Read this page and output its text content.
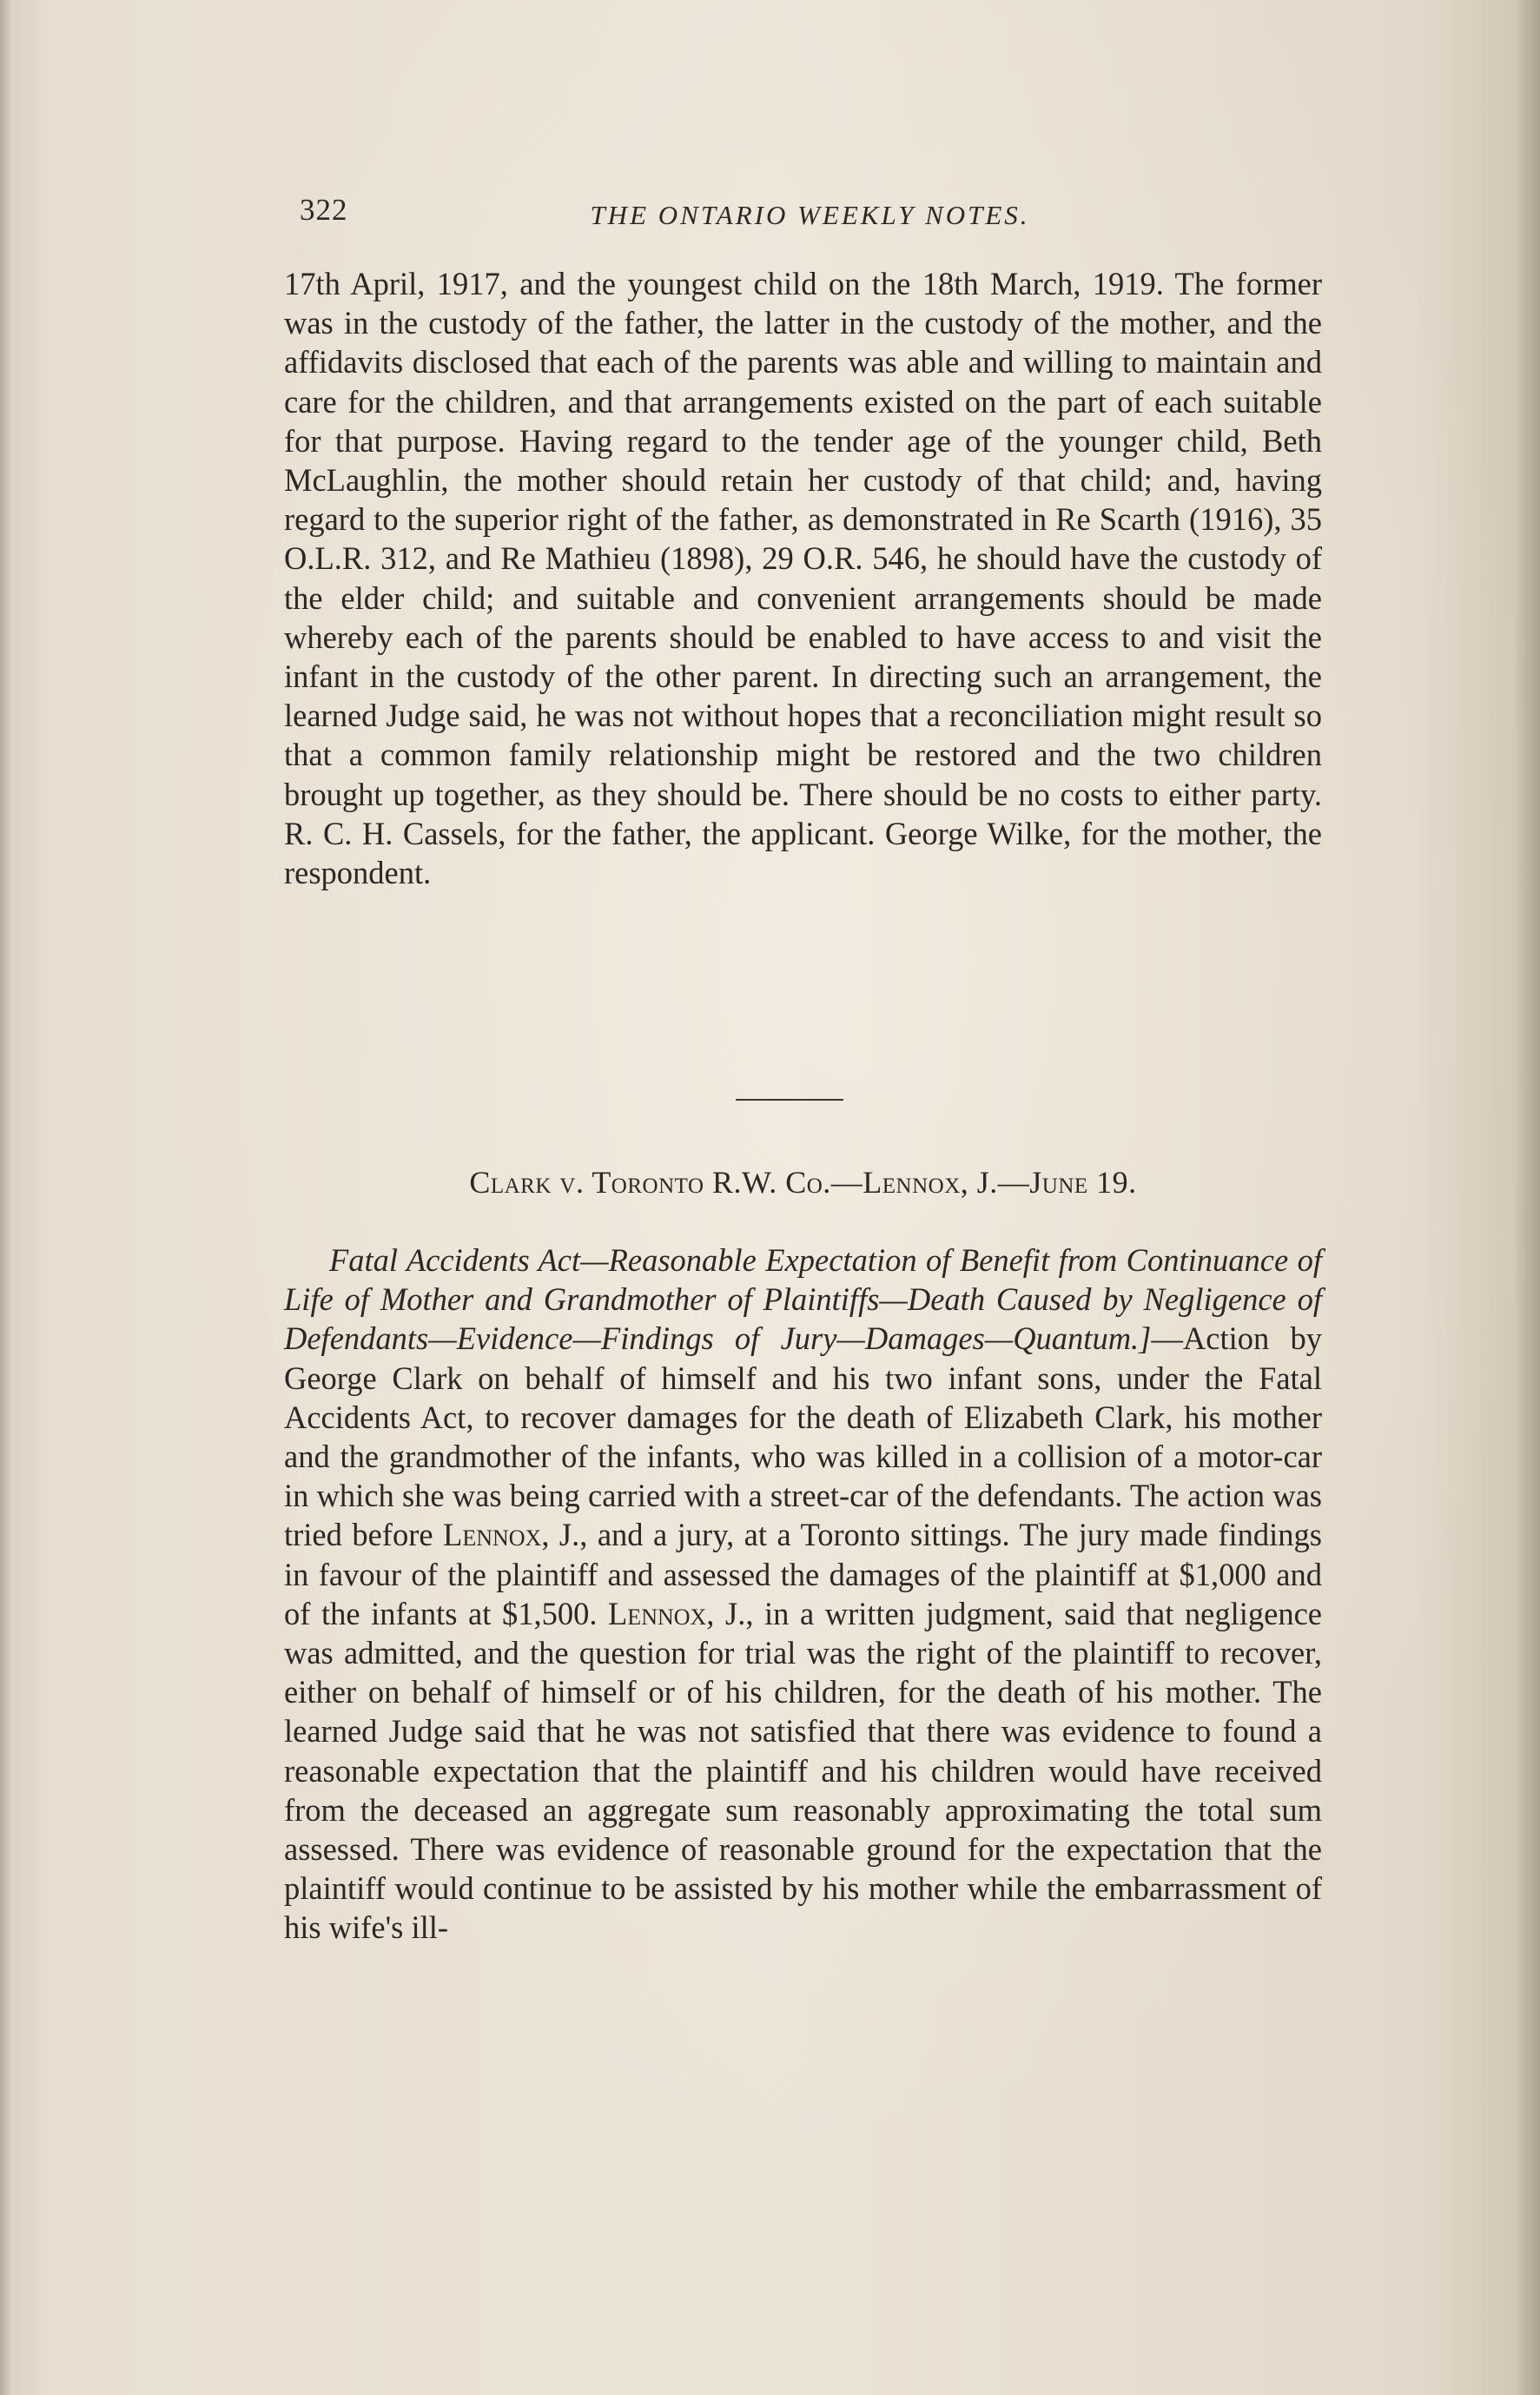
322	THE ONTARIO WEEKLY NOTES.

17th April, 1917, and the youngest child on the 18th March, 1919. The former was in the custody of the father, the latter in the custody of the mother, and the affidavits disclosed that each of the parents was able and willing to maintain and care for the children, and that arrangements existed on the part of each suitable for that purpose. Having regard to the tender age of the younger child, Beth McLaughlin, the mother should retain her custody of that child; and, having regard to the superior right of the father, as demonstrated in Re Scarth (1916), 35 O.L.R. 312, and Re Mathieu (1898), 29 O.R. 546, he should have the custody of the elder child; and suitable and convenient arrangements should be made whereby each of the parents should be enabled to have access to and visit the infant in the custody of the other parent. In directing such an arrangement, the learned Judge said, he was not without hopes that a reconciliation might result so that a common family relationship might be restored and the two children brought up together, as they should be. There should be no costs to either party. R. C. H. Cassels, for the father, the applicant. George Wilke, for the mother, the respondent.

Clark v. Toronto R.W. Co.—Lennox, J.—June 19.

Fatal Accidents Act—Reasonable Expectation of Benefit from Continuance of Life of Mother and Grandmother of Plaintiffs—Death Caused by Negligence of Defendants—Evidence—Findings of Jury—Damages—Quantum.]—Action by George Clark on behalf of himself and his two infant sons, under the Fatal Accidents Act, to recover damages for the death of Elizabeth Clark, his mother and the grandmother of the infants, who was killed in a collision of a motor-car in which she was being carried with a street-car of the defendants. The action was tried before Lennox, J., and a jury, at a Toronto sittings. The jury made findings in favour of the plaintiff and assessed the damages of the plaintiff at $1,000 and of the infants at $1,500. Lennox, J., in a written judgment, said that negligence was admitted, and the question for trial was the right of the plaintiff to recover, either on behalf of himself or of his children, for the death of his mother. The learned Judge said that he was not satisfied that there was evidence to found a reasonable expectation that the plaintiff and his children would have received from the deceased an aggregate sum reasonably approximating the total sum assessed. There was evidence of reasonable ground for the expectation that the plaintiff would continue to be assisted by his mother while the embarrassment of his wife's ill-
